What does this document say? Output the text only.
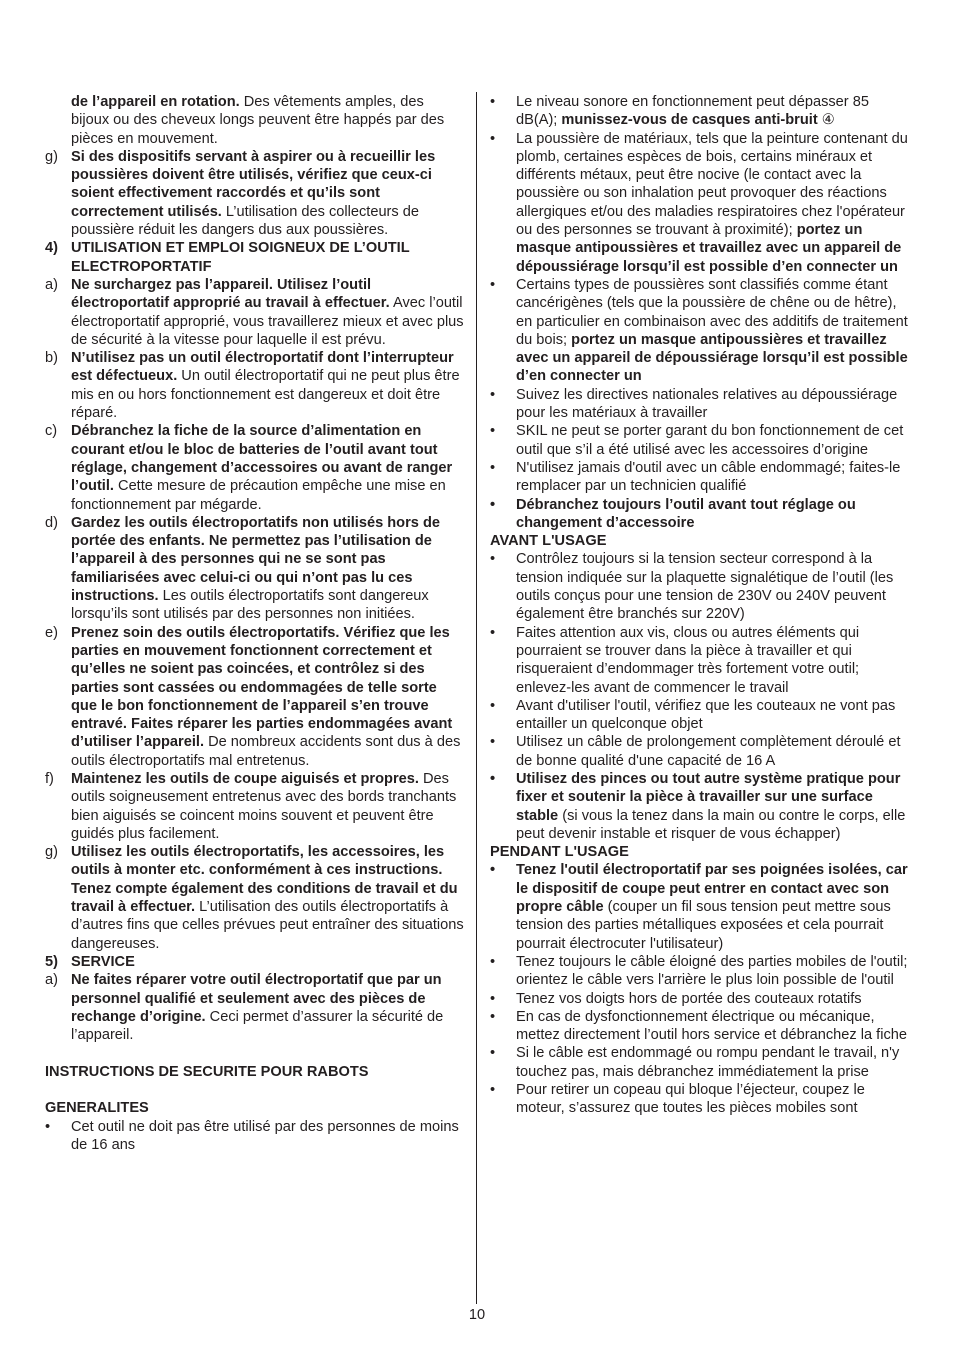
de l’appareil en rotation. Des vêtements amples, des bijoux ou des cheveux longs peuvent être happés par des pièces en mouvement.
g) Si des dispositifs servant à aspirer ou à recueillir les poussières doivent être utilisés, vérifiez que ceux-ci soient effectivement raccordés et qu’ils sont correctement utilisés. L’utilisation des collecteurs de poussière réduit les dangers dus aux poussières.
4) UTILISATION ET EMPLOI SOIGNEUX DE L’OUTIL ELECTROPORTATIF
a) Ne surchargez pas l’appareil. Utilisez l’outil électroportatif approprié au travail à effectuer. Avec l’outil électroportatif approprié, vous travaillerez mieux et avec plus de sécurité à la vitesse pour laquelle il est prévu.
b) N’utilisez pas un outil électroportatif dont l’interrupteur est défectueux. Un outil électroportatif qui ne peut plus être mis en ou hors fonctionnement est dangereux et doit être réparé.
c) Débranchez la fiche de la source d’alimentation en courant et/ou le bloc de batteries de l’outil avant tout réglage, changement d’accessoires ou avant de ranger l’outil. Cette mesure de précaution empêche une mise en fonctionnement par mégarde.
d) Gardez les outils électroportatifs non utilisés hors de portée des enfants. Ne permettez pas l’utilisation de l’appareil à des personnes qui ne se sont pas familiarisées avec celui-ci ou qui n’ont pas lu ces instructions. Les outils électroportatifs sont dangereux lorsqu’ils sont utilisés par des personnes non initiées.
e) Prenez soin des outils électroportatifs. Vérifiez que les parties en mouvement fonctionnent correctement et qu’elles ne soient pas coincées, et contrôlez si des parties sont cassées ou endommagées de telle sorte que le bon fonctionnement de l’appareil s’en trouve entravé. Faites réparer les parties endommagées avant d’utiliser l’appareil. De nombreux accidents sont dus à des outils électroportatifs mal entretenus.
f)	Maintenez les outils de coupe aiguisés et propres. Des outils soigneusement entretenus avec des bords tranchants bien aiguisés se coincent moins souvent et peuvent être guidés plus facilement.
g) Utilisez les outils électroportatifs, les accessoires, les outils à monter etc. conformément à ces instructions. Tenez compte également des conditions de travail et du travail à effectuer. L’utilisation des outils électroportatifs à d’autres fins que celles prévues peut entraîner des situations dangereuses.
5) SERVICE
a) Ne faites réparer votre outil électroportatif que par un personnel qualifié et seulement avec des pièces de rechange d’origine. Ceci permet d’assurer la sécurité de l’appareil.
INSTRUCTIONS DE SECURITE POUR RABOTS
GENERALITES
•	Cet outil ne doit pas être utilisé par des personnes de moins de 16 ans
•	Le niveau sonore en fonctionnement peut dépasser 85 dB(A); munissez-vous de casques anti-bruit ④
•	La poussière de matériaux, tels que la peinture contenant du plomb, certaines espèces de bois, certains minéraux et différents métaux, peut être nocive (le contact avec la poussière ou son inhalation peut provoquer des réactions allergiques et/ou des maladies respiratoires chez l'opérateur ou des personnes se trouvant à proximité); portez un masque antipoussières et travaillez avec un appareil de dépoussiérage lorsqu’il est possible d’en connecter un
•	Certains types de poussières sont classifiés comme étant cancérigènes (tels que la poussière de chêne ou de hêtre), en particulier en combinaison avec des additifs de traitement du bois; portez un masque antipoussières et travaillez avec un appareil de dépoussiérage lorsqu’il est possible d’en connecter un
•	Suivez les directives nationales relatives au dépoussiérage pour les matériaux à travailler
•	SKIL ne peut se porter garant du bon fonctionnement de cet outil que s’il a été utilisé avec les accessoires d’origine
•	N'utilisez jamais d'outil avec un câble endommagé; faites-le remplacer par un technicien qualifié
•	Débranchez toujours l’outil avant tout réglage ou changement d’accessoire
AVANT L'USAGE
•	Contrôlez toujours si la tension secteur correspond à la tension indiquée sur la plaquette signalétique de l’outil (les outils conçus pour une tension de 230V ou 240V peuvent également être branchés sur 220V)
•	Faites attention aux vis, clous ou autres éléments qui pourraient se trouver dans la pièce à travailler et qui risqueraient d’endommager très fortement votre outil; enlevez-les avant de commencer le travail
•	Avant d'utiliser l'outil, vérifiez que les couteaux ne vont pas entailler un quelconque objet
•	Utilisez un câble de prolongement complètement déroulé et de bonne qualité d'une capacité de 16 A
•	Utilisez des pinces ou tout autre système pratique pour fixer et soutenir la pièce à travailler sur une surface stable (si vous la tenez dans la main ou contre le corps, elle peut devenir instable et risquer de vous échapper)
PENDANT L'USAGE
•	Tenez l'outil électroportatif par ses poignées isolées, car le dispositif de coupe peut entrer en contact avec son propre câble (couper un fil sous tension peut mettre sous tension des parties métalliques exposées et cela pourrait pourrait électrocuter l'utilisateur)
•	Tenez toujours le câble éloigné des parties mobiles de l'outil; orientez le câble vers l'arrière le plus loin possible de l'outil
•	Tenez vos doigts hors de portée des couteaux rotatifs
•	En cas de dysfonctionnement électrique ou mécanique, mettez directement l’outil hors service et débranchez la fiche
•	Si le câble est endommagé ou rompu pendant le travail, n'y touchez pas, mais débranchez immédiatement la prise
•	Pour retirer un copeau qui bloque l’éjecteur, coupez le moteur, s’assurez que toutes les pièces mobiles sont
10
